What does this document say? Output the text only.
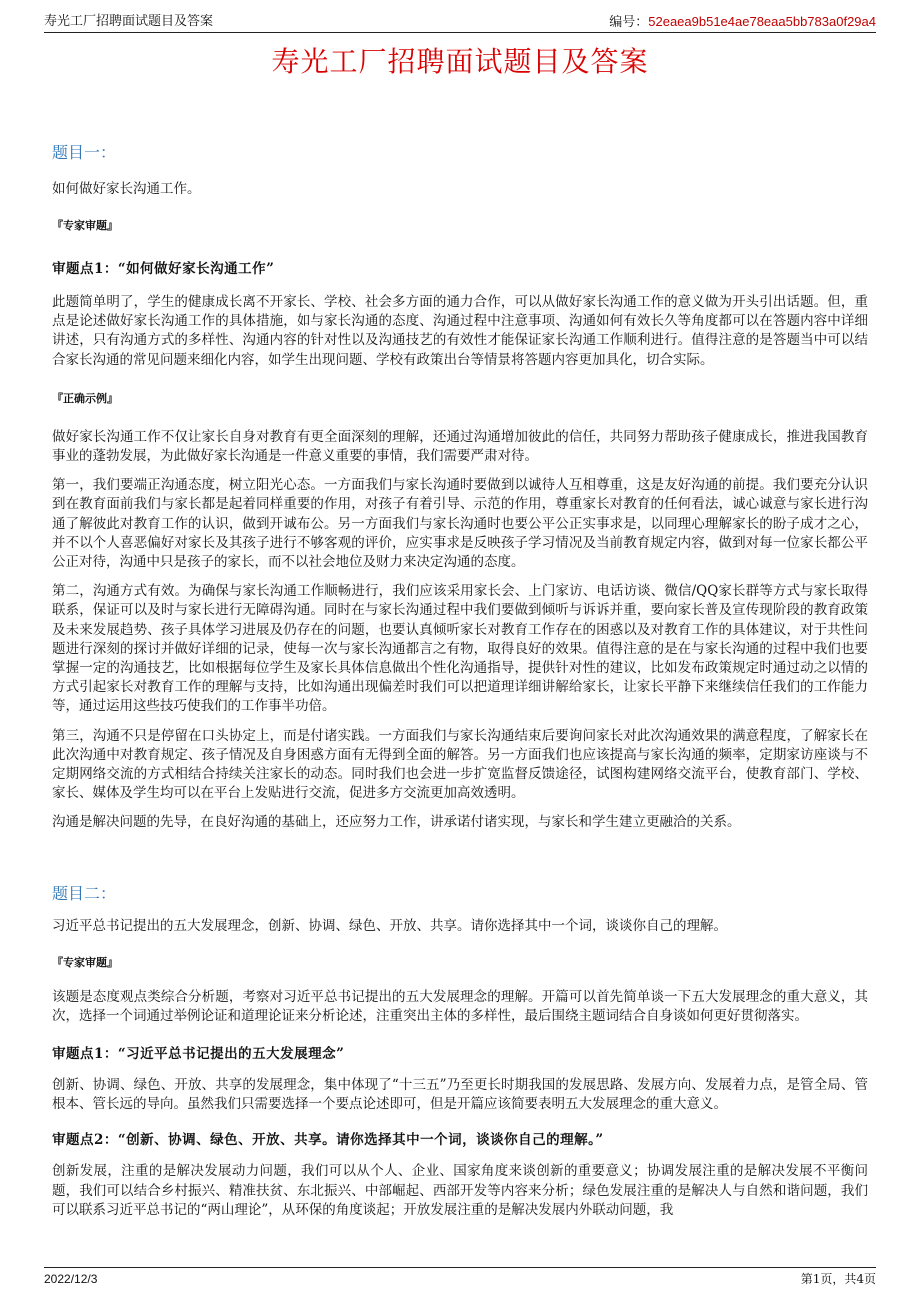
寿光工厂招聘面试题目及答案	编号：52eaea9b51e4ae78eaa5bb783a0f29a4
寿光工厂招聘面试题目及答案

题目一：

如何做好家长沟通工作。

『专家审题』

审题点1：“如何做好家长沟通工作”

此题简单明了，学生的健康成长离不开家长、学校、社会多方面的通力合作，可以从做好家长沟通工作的意义做为开头引出话题。但，重点是论述做好家长沟通工作的具体措施，如与家长沟通的态度、沟通过程中注意事项、沟通如何有效长久等角度都可以在答题内容中详细讲述，只有沟通方式的多样性、沟通内容的针对性以及沟通技艺的有效性才能保证家长沟通工作顺利进行。值得注意的是答题当中可以结合家长沟通的常见问题来细化内容，如学生出现问题、学校有政策出台等情景将答题内容更加具化，切合实际。

『正确示例』

做好家长沟通工作不仅让家长自身对教育有更全面深刻的理解，还通过沟通增加彼此的信任，共同努力帮助孩子健康成长，推进我国教育事业的蓬勃发展，为此做好家长沟通是一件意义重要的事情，我们需要严肃对待。

第一，我们要端正沟通态度，树立阳光心态。一方面我们与家长沟通时要做到以诚待人互相尊重，这是友好沟通的前提。我们要充分认识到在教育面前我们与家长都是起着同样重要的作用，对孩子有着引导、示范的作用，尊重家长对教育的任何看法，诚心诚意与家长进行沟通了解彼此对教育工作的认识，做到开诚布公。另一方面我们与家长沟通时也要公平公正实事求是，以同理心理解家长的盼子成才之心，并不以个人喜恶偏好对家长及其孩子进行不够客观的评价，应实事求是反映孩子学习情况及当前教育规定内容，做到对每一位家长都公平公正对待，沟通中只是孩子的家长，而不以社会地位及财力来决定沟通的态度。

第二，沟通方式有效。为确保与家长沟通工作顺畅进行，我们应该采用家长会、上门家访、电话访谈、微信/QQ家长群等方式与家长取得联系，保证可以及时与家长进行无障碍沟通。同时在与家长沟通过程中我们要做到倾听与诉诉并重，要向家长普及宣传现阶段的教育政策及未来发展趋势、孩子具体学习进展及仍存在的问题，也要认真倾听家长对教育工作存在的困惑以及对教育工作的具体建议，对于共性问题进行深刻的探讨并做好详细的记录，使每一次与家长沟通都言之有物，取得良好的效果。值得注意的是在与家长沟通的过程中我们也要掌握一定的沟通技艺，比如根据每位学生及家长具体信息做出个性化沟通指导，提供针对性的建议，比如发布政策规定时通过动之以情的方式引起家长对教育工作的理解与支持，比如沟通出现偏差时我们可以把道理详细讲解给家长，让家长平静下来继续信任我们的工作能力等，通过运用这些技巧使我们的工作事半功倍。

第三，沟通不只是停留在口头协定上，而是付诸实践。一方面我们与家长沟通结束后要询问家长对此次沟通效果的满意程度，了解家长在此次沟通中对教育规定、孩子情况及自身困惑方面有无得到全面的解答。另一方面我们也应该提高与家长沟通的频率，定期家访座谈与不定期网络交流的方式相结合持续关注家长的动态。同时我们也会进一步扩宽监督反馈途径，试图构建网络交流平台，使教育部门、学校、家长、媒体及学生均可以在平台上发贴进行交流，促进多方交流更加高效透明。

沟通是解决问题的先导，在良好沟通的基础上，还应努力工作，讲承诺付诸实现，与家长和学生建立更融洽的关系。

题目二：

习近平总书记提出的五大发展理念，创新、协调、绿色、开放、共享。请你选择其中一个词，谈谈你自己的理解。

『专家审题』

该题是态度观点类综合分析题，考察对习近平总书记提出的五大发展理念的理解。开篇可以首先简单谈一下五大发展理念的重大意义，其次，选择一个词通过举例论证和道理论证来分析论述，注重突出主体的多样性，最后围绕主题词结合自身谈如何更好贯彻落实。

审题点1：“习近平总书记提出的五大发展理念”

创新、协调、绿色、开放、共享的发展理念，集中体现了“十三五”乃至更长时期我国的发展思路、发展方向、发展着力点，是管全局、管根本、管长远的导向。虽然我们只需要选择一个要点论述即可，但是开篇应该简要表明五大发展理念的重大意义。

审题点2：“创新、协调、绿色、开放、共享。请你选择其中一个词，谈谈你自己的理解。”

创新发展，注重的是解决发展动力问题，我们可以从个人、企业、国家角度来谈创新的重要意义；协调发展注重的是解决发展不平衡问题，我们可以结合乡村振兴、精准扶贫、东北振兴、中部崛起、西部开发等内容来分析；绿色发展注重的是解决人与自然和谐问题，我们可以联系习近平总书记的“两山理论”，从环保的角度谈起；开放发展注重的是解决发展内外联动问题，我

2022/12/3	第1页，共4页
